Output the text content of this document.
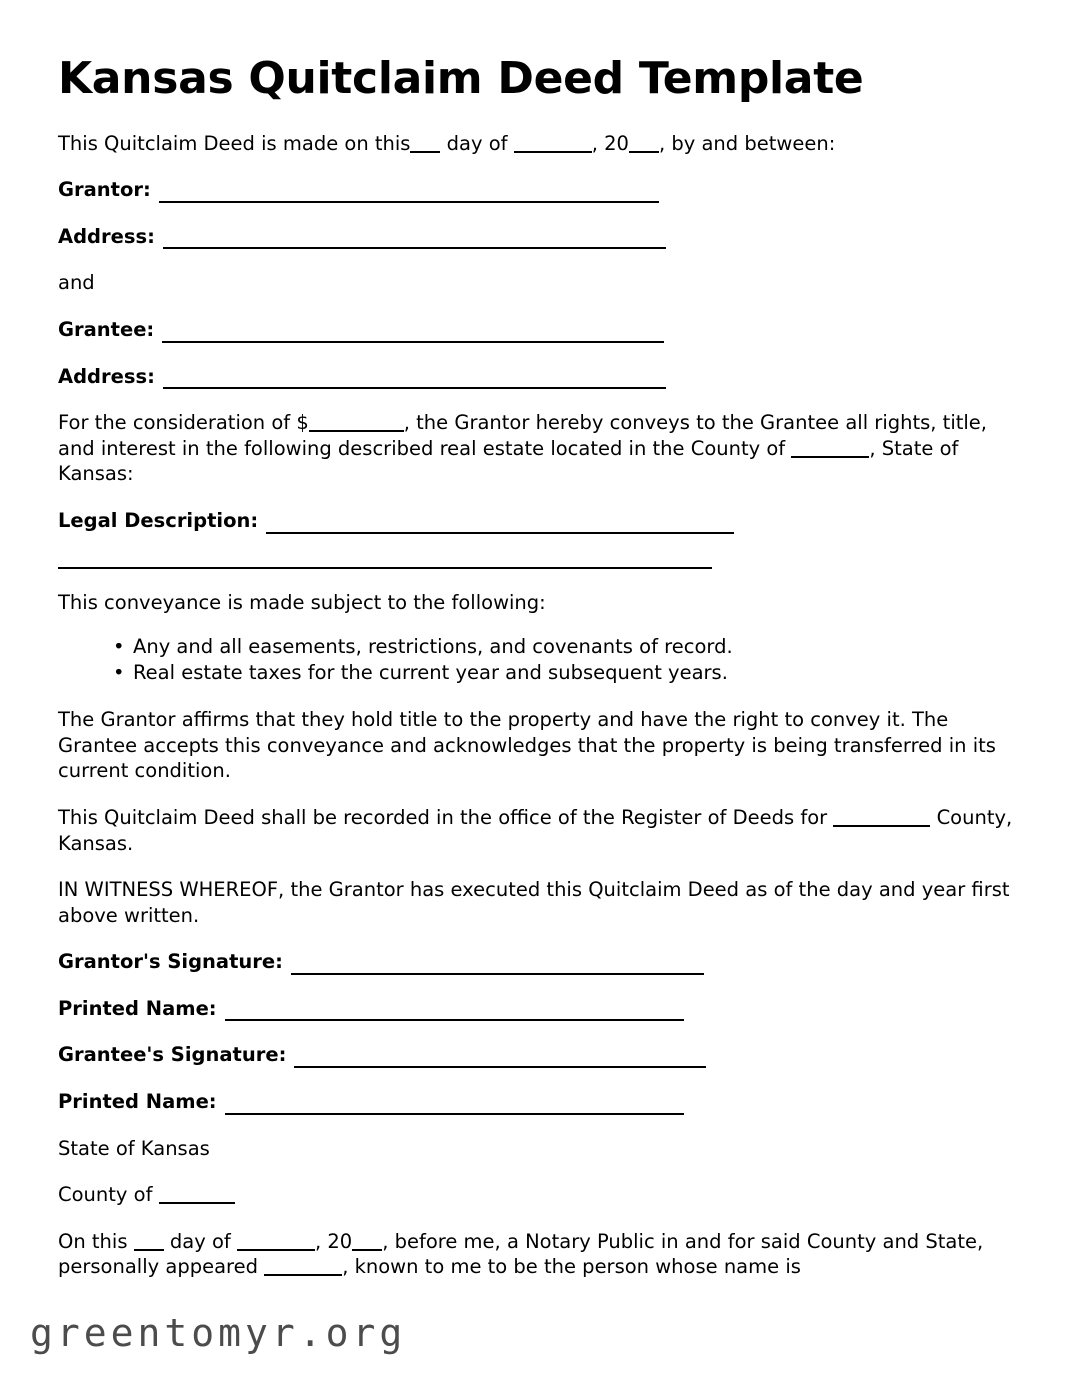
Kansas Quitclaim Deed Template

This Quitclaim Deed is made on this day of	, 20 , by and between:

Grantor:
Address:

and

Grantee:
Address:

For the consideration of $	, the Grantor hereby conveys to the Grantee all rights, title, and interest in the following described real estate located in the County of	, State of Kansas:

Legal Description:

This conveyance is made subject to the following:

• Any and all easements, restrictions, and covenants of record.
• Real estate taxes for the current year and subsequent years.

The Grantor affirms that they hold title to the property and have the right to convey it. The Grantee accepts this conveyance and acknowledges that the property is being transferred in its current condition.

This Quitclaim Deed shall be recorded in the office of the Register of Deeds for	County, Kansas.

IN WITNESS WHEREOF, the Grantor has executed this Quitclaim Deed as of the day and year first above written.

Grantor's Signature:
Printed Name:
Grantee's Signature:
Printed Name:

State of Kansas

County of

On this day of	, 20 , before me, a Notary Public in and for said County and State, personally appeared	, known to me to be the person whose name is

greentomyr.org
